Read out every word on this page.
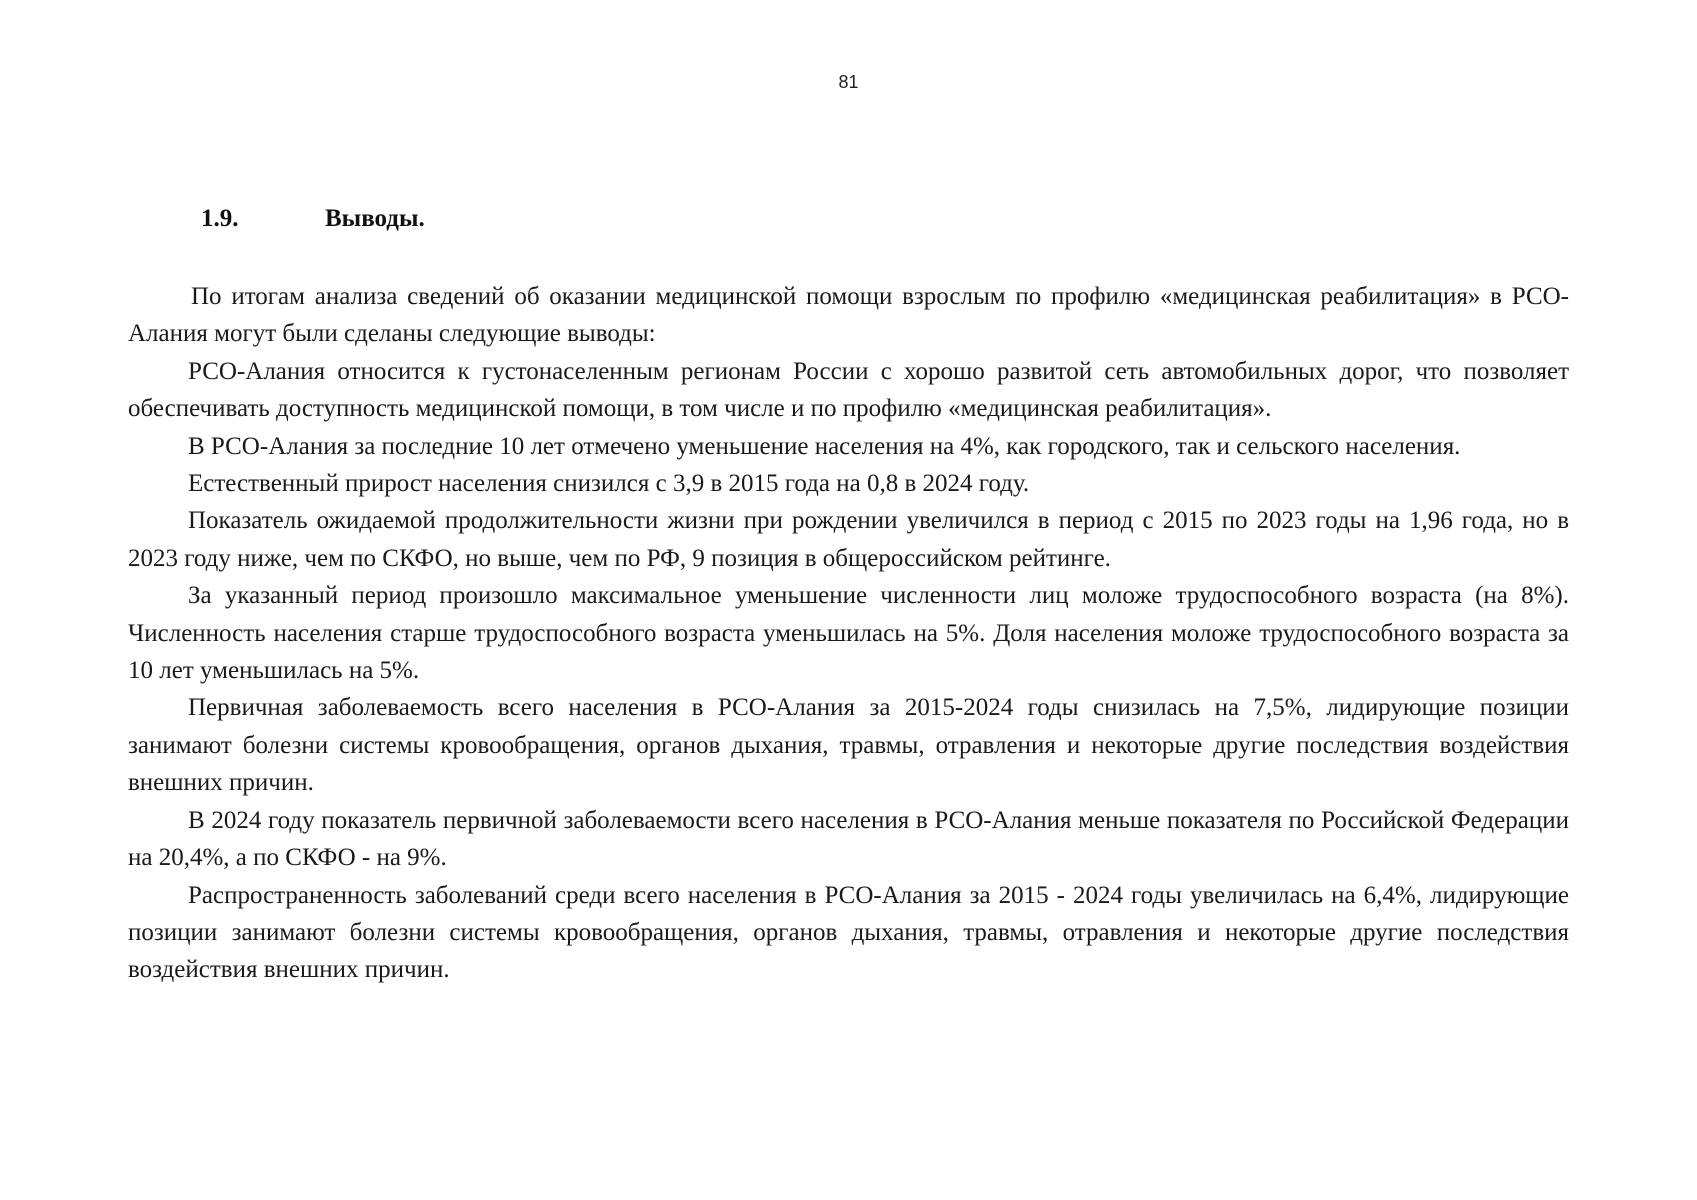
81
1.9.	Выводы.

По итогам анализа сведений об оказании медицинской помощи взрослым по профилю «медицинская реабилитация» в РСО-Алания могут были сделаны следующие выводы:

РСО-Алания относится к густонаселенным регионам России с хорошо развитой сеть автомобильных дорог, что позволяет обеспечивать доступность медицинской помощи, в том числе и по профилю «медицинская реабилитация».

В РСО-Алания за последние 10 лет отмечено уменьшение населения на 4%, как городского, так и сельского населения.

Естественный прирост населения снизился с 3,9 в 2015 года на 0,8 в 2024 году.

Показатель ожидаемой продолжительности жизни при рождении увеличился в период с 2015 по 2023 годы на 1,96 года, но в 2023 году ниже, чем по СКФО, но выше, чем по РФ, 9 позиция в общероссийском рейтинге.

За указанный период произошло максимальное уменьшение численности лиц моложе трудоспособного возраста (на 8%). Численность населения старше трудоспособного возраста уменьшилась на 5%. Доля населения моложе трудоспособного возраста за 10 лет уменьшилась на 5%.

Первичная заболеваемость всего населения в РСО-Алания за 2015-2024 годы снизилась на 7,5%, лидирующие позиции занимают болезни системы кровообращения, органов дыхания, травмы, отравления и некоторые другие последствия воздействия внешних причин.

В 2024 году показатель первичной заболеваемости всего населения в РСО-Алания меньше показателя по Российской Федерации на 20,4%, а по СКФО - на 9%.

Распространенность заболеваний среди всего населения в РСО-Алания за 2015 - 2024 годы увеличилась на 6,4%, лидирующие позиции занимают болезни системы кровообращения, органов дыхания, травмы, отравления и некоторые другие последствия воздействия внешних причин.
